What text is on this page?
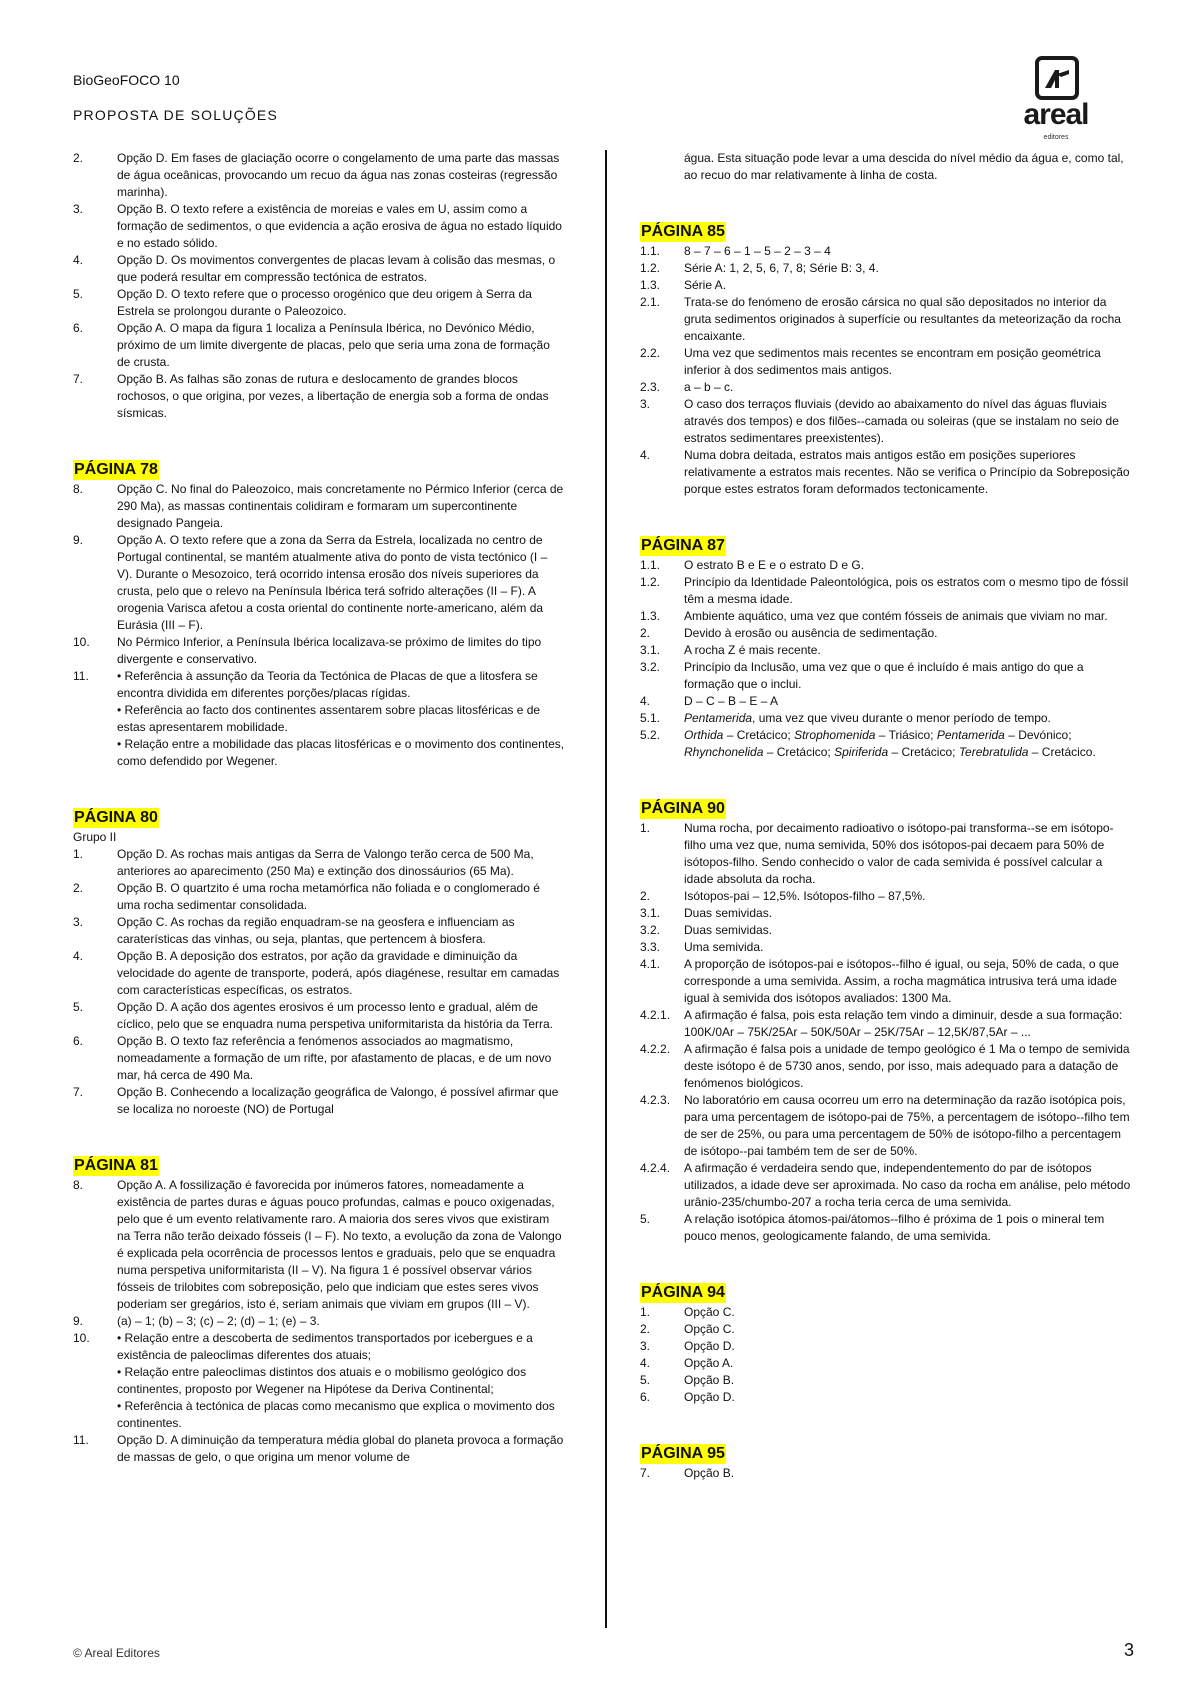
BioGeoFOCO 10
PROPOSTA DE SOLUÇÕES	areal
editores
2.	Opção D. Em fases de glaciação ocorre o congelamento de uma parte das massas de água oceânicas, provocando um recuo da água nas zonas costeiras (regressão marinha).
3.	Opção B. O texto refere a existência de moreias e vales em U, assim como a formação de sedimentos, o que evidencia a ação erosiva de água no estado líquido e no estado sólido.
4.	Opção D. Os movimentos convergentes de placas levam à colisão das mesmas, o que poderá resultar em compressão tectónica de estratos.
5.	Opção D. O texto refere que o processo orogénico que deu origem à Serra da Estrela se prolongou durante o Paleozoico.
6.	Opção A. O mapa da figura 1 localiza a Península Ibérica, no Devónico Médio, próximo de um limite divergente de placas, pelo que seria uma zona de formação de crusta.
7.	Opção B. As falhas são zonas de rutura e deslocamento de grandes blocos rochosos, o que origina, por vezes, a libertação de energia sob a forma de ondas sísmicas.
PÁGINA 78
8.	Opção C. No final do Paleozoico, mais concretamente no Pérmico Inferior (cerca de 290 Ma), as massas continentais colidiram e formaram um supercontinente designado Pangeia.
9.	Opção A. O texto refere que a zona da Serra da Estrela, localizada no centro de Portugal continental, se mantém atualmente ativa do ponto de vista tectónico (I – V). Durante o Mesozoico, terá ocorrido intensa erosão dos níveis superiores da crusta, pelo que o relevo na Península Ibérica terá sofrido alterações (II – F). A orogenia Varisca afetou a costa oriental do continente norte-americano, além da Eurásia (III – F).
10.	No Pérmico Inferior, a Península Ibérica localizava-se próximo de limites do tipo divergente e conservativo.
11.	• Referência à assunção da Teoria da Tectónica de Placas de que a litosfera se encontra dividida em diferentes porções/placas rígidas.
• Referência ao facto dos continentes assentarem sobre placas litosféricas e de estas apresentarem mobilidade.
• Relação entre a mobilidade das placas litosféricas e o movimento dos continentes, como defendido por Wegener.
PÁGINA 80
Grupo II
1.	Opção D. As rochas mais antigas da Serra de Valongo terão cerca de 500 Ma, anteriores ao aparecimento (250 Ma) e extinção dos dinossáurios (65 Ma).
2.	Opção B. O quartzito é uma rocha metamórfica não foliada e o conglomerado é uma rocha sedimentar consolidada.
3.	Opção C. As rochas da região enquadram-se na geosfera e influenciam as caraterísticas das vinhas, ou seja, plantas, que pertencem à biosfera.
4.	Opção B. A deposição dos estratos, por ação da gravidade e diminuição da velocidade do agente de transporte, poderá, após diagénese, resultar em camadas com características específicas, os estratos.
5.	Opção D. A ação dos agentes erosivos é um processo lento e gradual, além de cíclico, pelo que se enquadra numa perspetiva uniformitarista da história da Terra.
6.	Opção B. O texto faz referência a fenómenos associados ao magmatismo, nomeadamente a formação de um rifte, por afastamento de placas, e de um novo mar, há cerca de 490 Ma.
7.	Opção B. Conhecendo a localização geográfica de Valongo, é possível afirmar que se localiza no noroeste (NO) de Portugal
PÁGINA 81
8.	Opção A. A fossilização é favorecida por inúmeros fatores, nomeadamente a existência de partes duras e águas pouco profundas, calmas e pouco oxigenadas, pelo que é um evento relativamente raro. A maioria dos seres vivos que existiram na Terra não terão deixado fósseis (I – F). No texto, a evolução da zona de Valongo é explicada pela ocorrência de processos lentos e graduais, pelo que se enquadra numa perspetiva uniformitarista (II – V). Na figura 1 é possível observar vários fósseis de trilobites com sobreposição, pelo que indiciam que estes seres vivos poderiam ser gregários, isto é, seriam animais que viviam em grupos (III – V).
9.	(a) – 1; (b) – 3; (c) – 2; (d) – 1; (e) – 3.
10.	• Relação entre a descoberta de sedimentos transportados por icebergues e a existência de paleoclimas diferentes dos atuais;
• Relação entre paleoclimas distintos dos atuais e o mobilismo geológico dos continentes, proposto por Wegener na Hipótese da Deriva Continental;
• Referência à tectónica de placas como mecanismo que explica o movimento dos continentes.
11.	Opção D. A diminuição da temperatura média global do planeta provoca a formação de massas de gelo, o que origina um menor volume de
água. Esta situação pode levar a uma descida do nível médio da água e, como tal, ao recuo do mar relativamente à linha de costa.
PÁGINA 85
1.1.	8 – 7 – 6 – 1 – 5 – 2 – 3 – 4
1.2.	Série A: 1, 2, 5, 6, 7, 8; Série B: 3, 4.
1.3.	Série A.
2.1.	Trata-se do fenómeno de erosão cársica no qual são depositados no interior da gruta sedimentos originados à superfície ou resultantes da meteorização da rocha encaixante.
2.2.	Uma vez que sedimentos mais recentes se encontram em posição geométrica inferior à dos sedimentos mais antigos.
2.3.	a – b – c.
3.	O caso dos terraços fluviais (devido ao abaixamento do nível das águas fluviais através dos tempos) e dos filões-‑camada ou soleiras (que se instalam no seio de estratos sedimentares preexistentes).
4.	Numa dobra deitada, estratos mais antigos estão em posições superiores relativamente a estratos mais recentes. Não se verifica o Princípio da Sobreposição porque estes estratos foram deformados tectonicamente.
PÁGINA 87
1.1.	O estrato B e E e o estrato D e G.
1.2.	Princípio da Identidade Paleontológica, pois os estratos com o mesmo tipo de fóssil têm a mesma idade.
1.3.	Ambiente aquático, uma vez que contém fósseis de animais que viviam no mar.
2.	Devido à erosão ou ausência de sedimentação.
3.1.	A rocha Z é mais recente.
3.2.	Princípio da Inclusão, uma vez que o que é incluído é mais antigo do que a formação que o inclui.
4.	D – C – B – E – A
5.1.	Pentamerida, uma vez que viveu durante o menor período de tempo.
5.2.	Orthida – Cretácico; Strophomenida – Triásico; Pentamerida – Devónico; Rhynchonelida – Cretácico; Spiriferida – Cretácico; Terebratulida – Cretácico.
PÁGINA 90
1.	Numa rocha, por decaimento radioativo o isótopo-pai transforma-‑se em isótopo-filho uma vez que, numa semivida, 50% dos isótopos-pai decaem para 50% de isótopos-filho. Sendo conhecido o valor de cada semivida é possível calcular a idade absoluta da rocha.
2.	Isótopos-pai – 12,5%. Isótopos-filho – 87,5%.
3.1.	Duas semividas.
3.2.	Duas semividas.
3.3.	Uma semivida.
4.1.	A proporção de isótopos-pai e isótopos-‑filho é igual, ou seja, 50% de cada, o que corresponde a uma semivida. Assim, a rocha magmática intrusiva terá uma idade igual à semivida dos isótopos avaliados: 1300 Ma.
4.2.1.	A afirmação é falsa, pois esta relação tem vindo a diminuir, desde a sua formação: 100K/0Ar – 75K/25Ar – 50K/50Ar – 25K/75Ar – 12,5K/87,5Ar – ...
4.2.2.	A afirmação é falsa pois a unidade de tempo geológico é 1 Ma o tempo de semivida deste isótopo é de 5730 anos, sendo, por isso, mais adequado para a datação de fenómenos biológicos.
4.2.3.	No laboratório em causa ocorreu um erro na determinação da razão isotópica pois, para uma percentagem de isótopo-pai de 75%, a percentagem de isótopo-‑filho tem de ser de 25%, ou para uma percentagem de 50% de isótopo-filho a percentagem de isótopo-‑pai também tem de ser de 50%.
4.2.4.	A afirmação é verdadeira sendo que, independentemento do par de isótopos utilizados, a idade deve ser aproximada. No caso da rocha em análise, pelo método urânio-235/chumbo-207 a rocha teria cerca de uma semivida.
5.	A relação isotópica átomos-pai/átomos-‑filho é próxima de 1 pois o mineral tem pouco menos, geologicamente falando, de uma semivida.
PÁGINA 94
1.	Opção C.
2.	Opção C.
3.	Opção D.
4.	Opção A.
5.	Opção B.
6.	Opção D.
PÁGINA 95
7.	Opção B.
© Areal Editores	3
